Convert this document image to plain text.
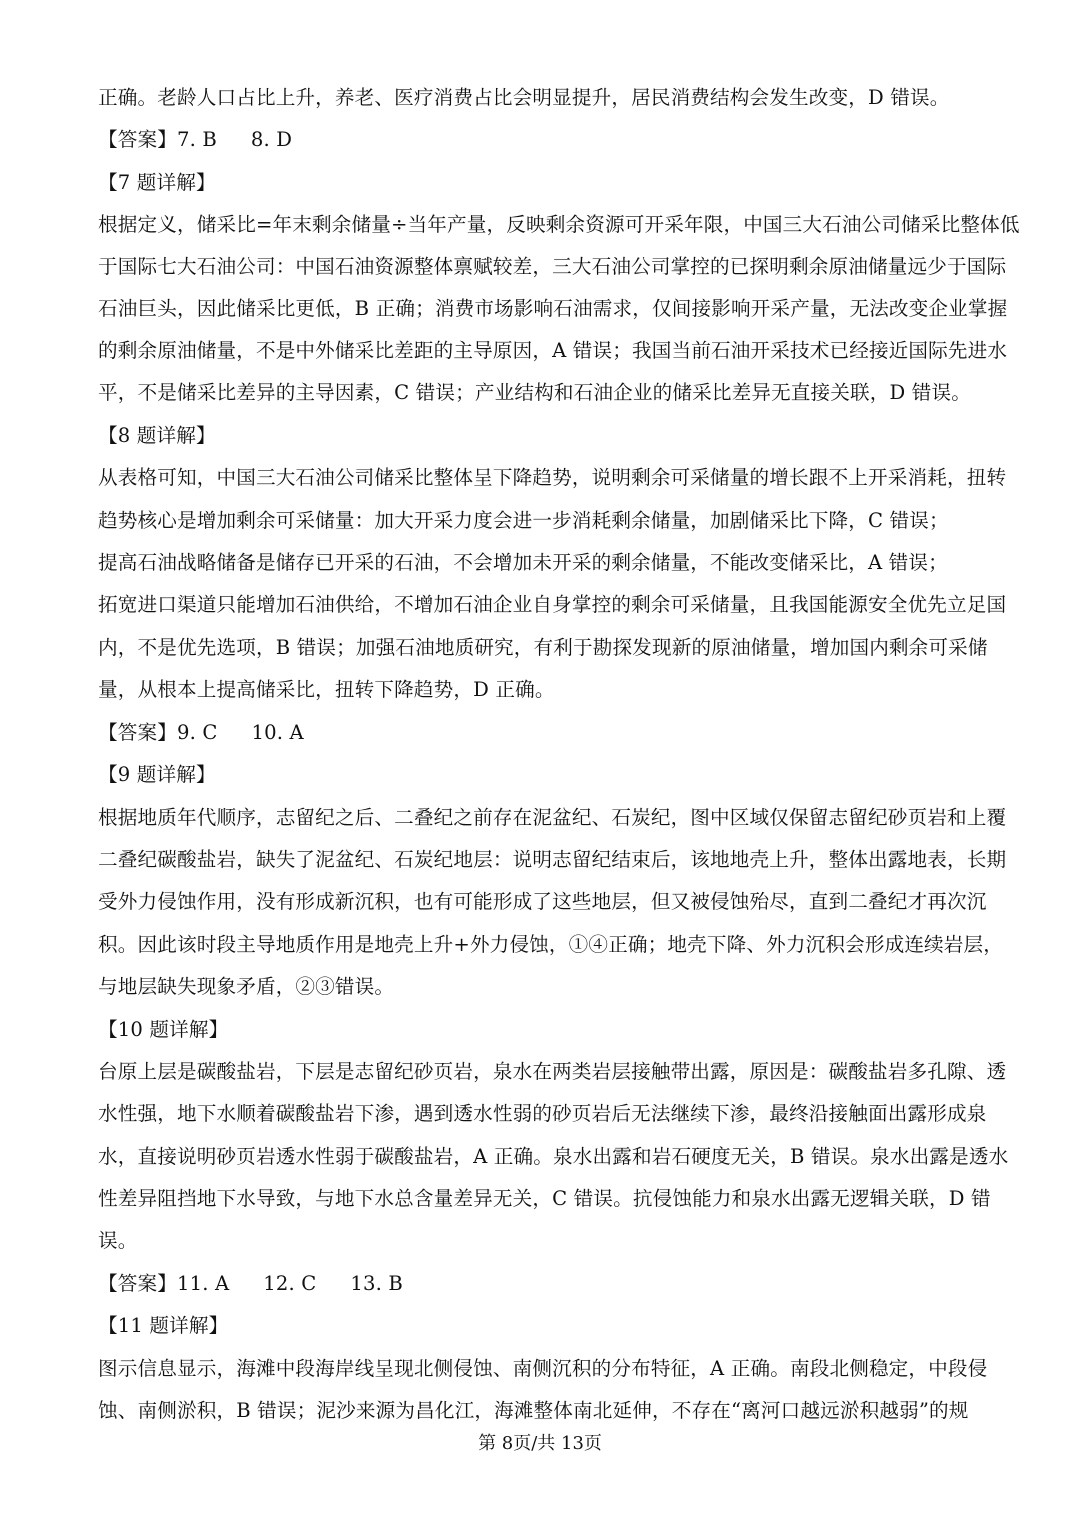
正确。老龄人口占比上升，养老、医疗消费占比会明显提升，居民消费结构会发生改变，D 错误。
【答案】7. B 8. D
【7 题详解】
根据定义，储采比=年末剩余储量÷当年产量，反映剩余资源可开采年限，中国三大石油公司储采比整体低
于国际七大石油公司：中国石油资源整体禀赋较差，三大石油公司掌控的已探明剩余原油储量远少于国际
石油巨头，因此储采比更低，B 正确；消费市场影响石油需求，仅间接影响开采产量，无法改变企业掌握
的剩余原油储量，不是中外储采比差距的主导原因，A 错误；我国当前石油开采技术已经接近国际先进水
平，不是储采比差异的主导因素，C 错误；产业结构和石油企业的储采比差异无直接关联，D 错误。
【8 题详解】
从表格可知，中国三大石油公司储采比整体呈下降趋势，说明剩余可采储量的增长跟不上开采消耗，扭转
趋势核心是增加剩余可采储量：加大开采力度会进一步消耗剩余储量，加剧储采比下降，C 错误；
提高石油战略储备是储存已开采的石油，不会增加未开采的剩余储量，不能改变储采比，A 错误；
拓宽进口渠道只能增加石油供给，不增加石油企业自身掌控的剩余可采储量，且我国能源安全优先立足国
内，不是优先选项，B 错误；加强石油地质研究，有利于勘探发现新的原油储量，增加国内剩余可采储
量，从根本上提高储采比，扭转下降趋势，D 正确。
【答案】9. C 10. A
【9 题详解】
根据地质年代顺序，志留纪之后、二叠纪之前存在泥盆纪、石炭纪，图中区域仅保留志留纪砂页岩和上覆
二叠纪碳酸盐岩，缺失了泥盆纪、石炭纪地层：说明志留纪结束后，该地地壳上升，整体出露地表，长期
受外力侵蚀作用，没有形成新沉积，也有可能形成了这些地层，但又被侵蚀殆尽，直到二叠纪才再次沉
积。因此该时段主导地质作用是地壳上升+外力侵蚀，①④正确；地壳下降、外力沉积会形成连续岩层，
与地层缺失现象矛盾，②③错误。
【10 题详解】
台原上层是碳酸盐岩，下层是志留纪砂页岩，泉水在两类岩层接触带出露，原因是：碳酸盐岩多孔隙、透
水性强，地下水顺着碳酸盐岩下渗，遇到透水性弱的砂页岩后无法继续下渗，最终沿接触面出露形成泉
水，直接说明砂页岩透水性弱于碳酸盐岩，A 正确。泉水出露和岩石硬度无关，B 错误。泉水出露是透水
性差异阻挡地下水导致，与地下水总含量差异无关，C 错误。抗侵蚀能力和泉水出露无逻辑关联，D 错
误。
【答案】11. A 12. C 13. B
【11 题详解】
图示信息显示，海滩中段海岸线呈现北侧侵蚀、南侧沉积的分布特征，A 正确。南段北侧稳定，中段侵
蚀、南侧淤积，B 错误；泥沙来源为昌化江，海滩整体南北延伸，不存在“离河口越远淤积越弱”的规
第 8页/共 13页
